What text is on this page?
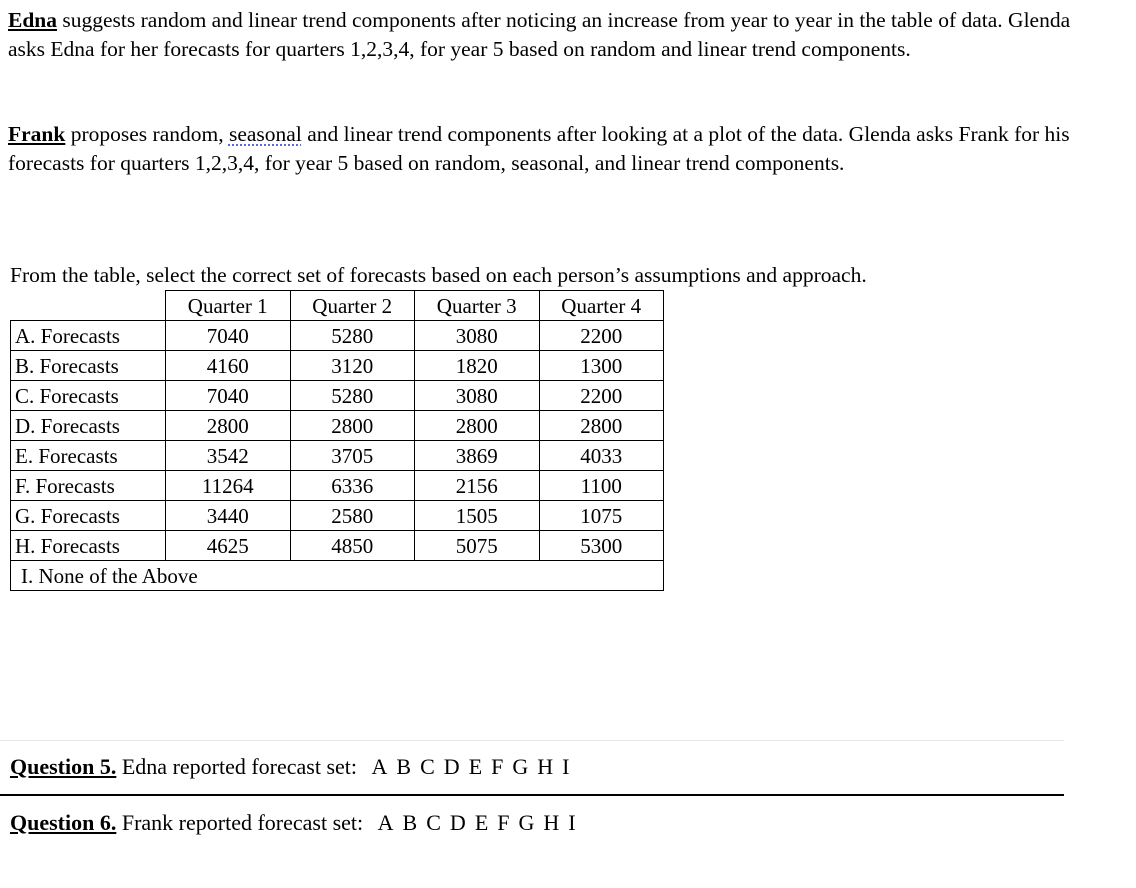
Edna suggests random and linear trend components after noticing an increase from year to year in the table of data. Glenda asks Edna for her forecasts for quarters 1,2,3,4, for year 5 based on random and linear trend components.

Frank proposes random, seasonal and linear trend components after looking at a plot of the data. Glenda asks Frank for his forecasts for quarters 1,2,3,4, for year 5 based on random, seasonal, and linear trend components.

From the table, select the correct set of forecasts based on each person’s assumptions and approach.

	Quarter 1	Quarter 2	Quarter 3	Quarter 4
A. Forecasts	7040	5280	3080	2200
B. Forecasts	4160	3120	1820	1300
C. Forecasts	7040	5280	3080	2200
D. Forecasts	2800	2800	2800	2800
E. Forecasts	3542	3705	3869	4033
F. Forecasts	11264	6336	2156	1100
G. Forecasts	3440	2580	1505	1075
H. Forecasts	4625	4850	5075	5300
I. None of the Above				
Question 5. Edna reported forecast set: A B C D E F G H I
Question 6. Frank reported forecast set: A B C D E F G H I
